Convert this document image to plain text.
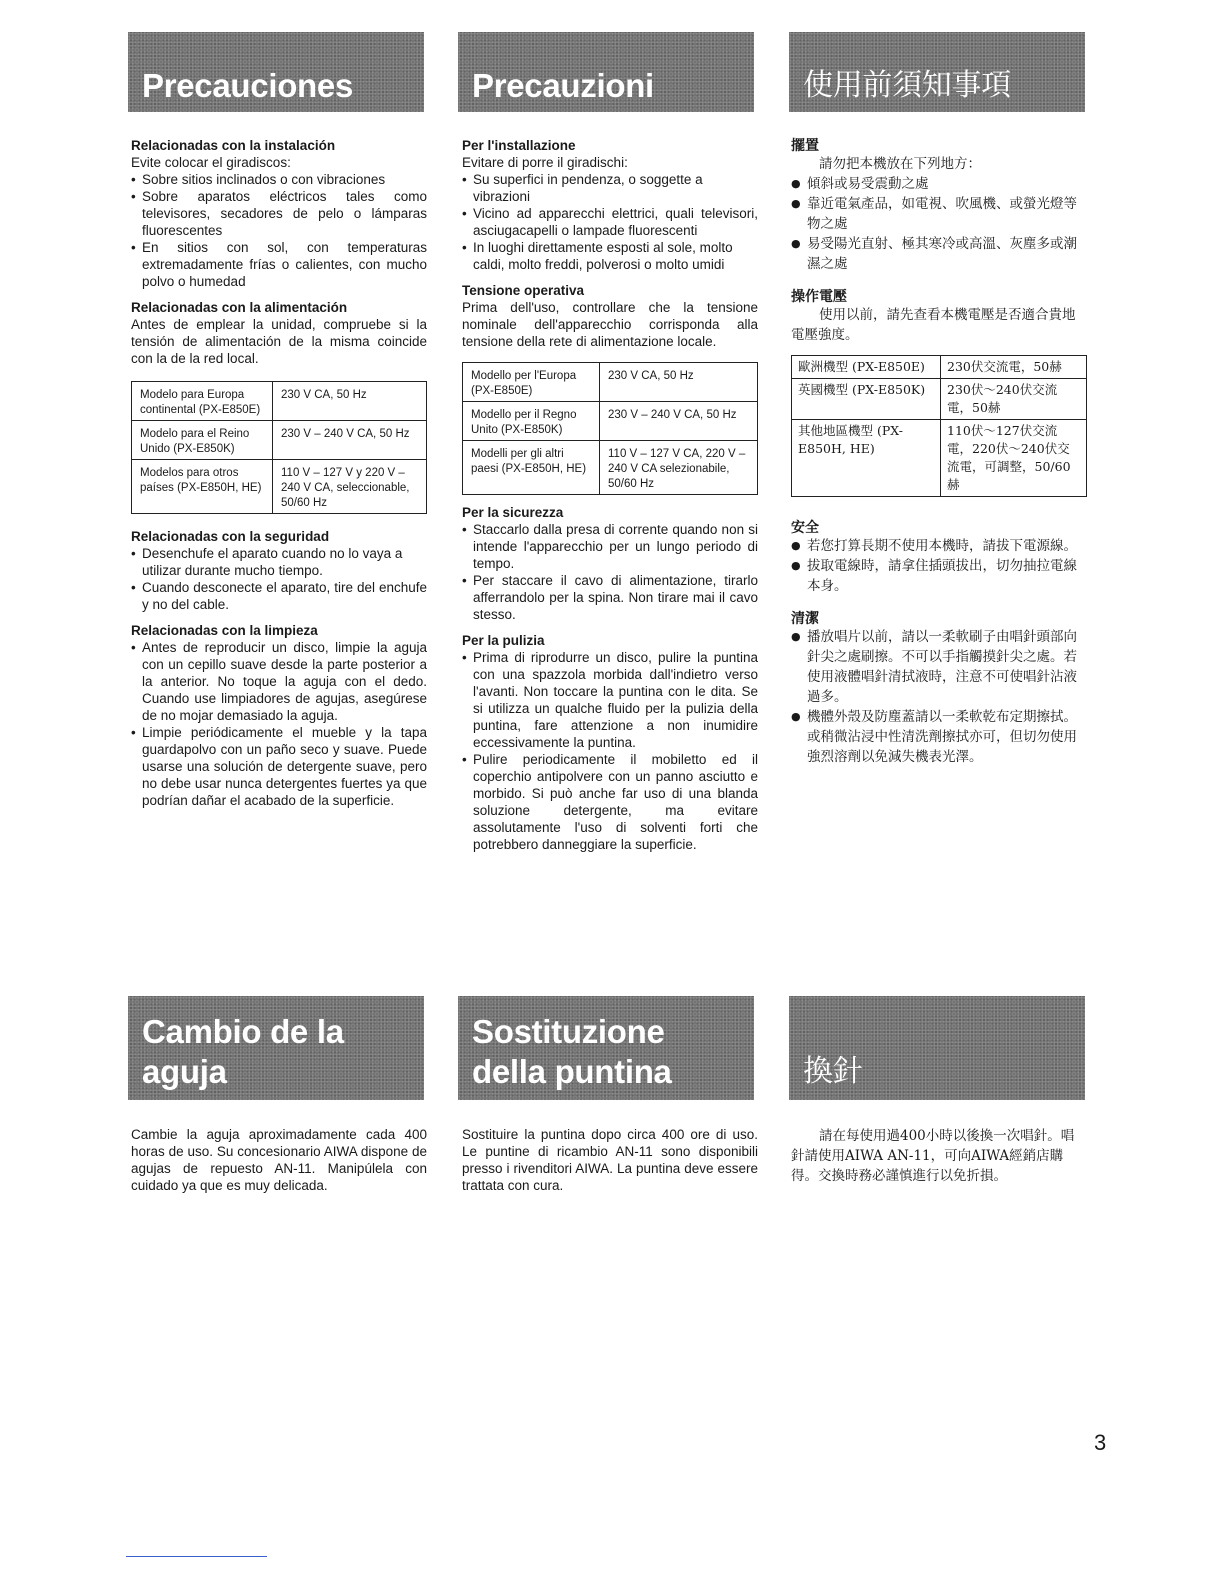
Precauciones	Precauzioni	使用前須知事項
Relacionadas con la instalación

Evite colocar el giradiscos:

• Sobre sitios inclinados o con vibraciones
• Sobre aparatos eléctricos tales como televisores, secadores de pelo o lámparas fluorescentes
• En sitios con sol, con temperaturas extremadamente frías o calientes, con mucho polvo o humedad
Relacionadas con la alimentación

Antes de emplear la unidad, compruebe si la tensión de alimentación de la misma coincide con la de la red local.

Modelo para Europa continental (PX-E850E)	230 V CA, 50 Hz
Modelo para el Reino Unido (PX-E850K)	230 V – 240 V CA, 50 Hz
Modelos para otros países (PX-E850H, HE)	110 V – 127 V y 220 V – 240 V CA, seleccionable, 50/60 Hz
Relacionadas con la seguridad
• Desenchufe el aparato cuando no lo vaya a utilizar durante mucho tiempo.
• Cuando desconecte el aparato, tire del enchufe y no del cable.
Relacionadas con la limpieza
• Antes de reproducir un disco, limpie la aguja con un cepillo suave desde la parte posterior a la anterior. No toque la aguja con el dedo. Cuando use limpiadores de agujas, asegúrese de no mojar demasiado la aguja.
• Limpie periódicamente el mueble y la tapa guardapolvo con un paño seco y suave. Puede usarse una solución de detergente suave, pero no debe usar nunca detergentes fuertes ya que podrían dañar el acabado de la superficie.
Per l'installazione

Evitare di porre il giradischi:

• Su superfici in pendenza, o soggette a vibrazioni
• Vicino ad apparecchi elettrici, quali televisori, asciugacapelli o lampade fluorescenti
• In luoghi direttamente esposti al sole, molto caldi, molto freddi, polverosi o molto umidi
Tensione operativa

Prima dell'uso, controllare che la tensione nominale dell'apparecchio corrisponda alla tensione della rete di alimentazione locale.

Modello per l'Europa (PX-E850E)	230 V CA, 50 Hz
Modello per il Regno Unito (PX-E850K)	230 V – 240 V CA, 50 Hz
Modelli per gli altri paesi (PX-E850H, HE)	110 V – 127 V CA, 220 V – 240 V CA selezionabile, 50/60 Hz
Per la sicurezza
• Staccarlo dalla presa di corrente quando non si intende l'apparecchio per un lungo periodo di tempo.
• Per staccare il cavo di alimentazione, tirarlo afferrandolo per la spina. Non tirare mai il cavo stesso.
Per la pulizia
• Prima di riprodurre un disco, pulire la puntina con una spazzola morbida dall'indietro verso l'avanti. Non toccare la puntina con le dita. Se si utilizza un qualche fluido per la pulizia della puntina, fare attenzione a non inumidire eccessivamente la puntina.
• Pulire periodicamente il mobiletto ed il coperchio antipolvere con un panno asciutto e morbido. Si può anche far uso di una blanda soluzione detergente, ma evitare assolutamente l'uso di solventi forti che potrebbero danneggiare la superficie.
擺置

請勿把本機放在下列地方：

● 傾斜或易受震動之處
● 靠近電氣產品，如電視、吹風機、或螢光燈等物之處
● 易受陽光直射、極其寒冷或高溫、灰塵多或潮濕之處
操作電壓

使用以前，請先查看本機電壓是否適合貴地電壓強度。

歐洲機型 (PX-E850E)	230伏交流電，50赫
英國機型 (PX-E850K)	230伏～240伏交流電，50赫
其他地區機型 (PX-E850H, HE)	110伏～127伏交流電，220伏～240伏交流電，可調整，50/60赫
安全
● 若您打算長期不使用本機時，請拔下電源線。
● 拔取電線時，請拿住插頭拔出，切勿抽拉電線本身。
清潔
● 播放唱片以前，請以一柔軟刷子由唱針頭部向針尖之處刷擦。不可以手指觸摸針尖之處。若使用液體唱針清拭液時，注意不可使唱針沾液過多。
● 機體外殼及防塵蓋請以一柔軟乾布定期擦拭。或稍微沾浸中性清洗劑擦拭亦可，但切勿使用強烈溶劑以免減失機表光澤。
Cambio de la
aguja
Sostituzione
della puntina	換針

Cambie la aguja aproximadamente cada 400 horas de uso. Su concesionario AIWA dispone de agujas de repuesto AN-11. Manipúlela con cuidado ya que es muy delicada.

Sostituire la puntina dopo circa 400 ore di uso. Le puntine di ricambio AN-11 sono disponibili presso i rivenditori AIWA. La puntina deve essere trattata con cura.

請在每使用過400小時以後換一次唱針。唱針請使用AIWA AN-11，可向AIWA經銷店購得。交換時務必謹慎進行以免折損。

3
